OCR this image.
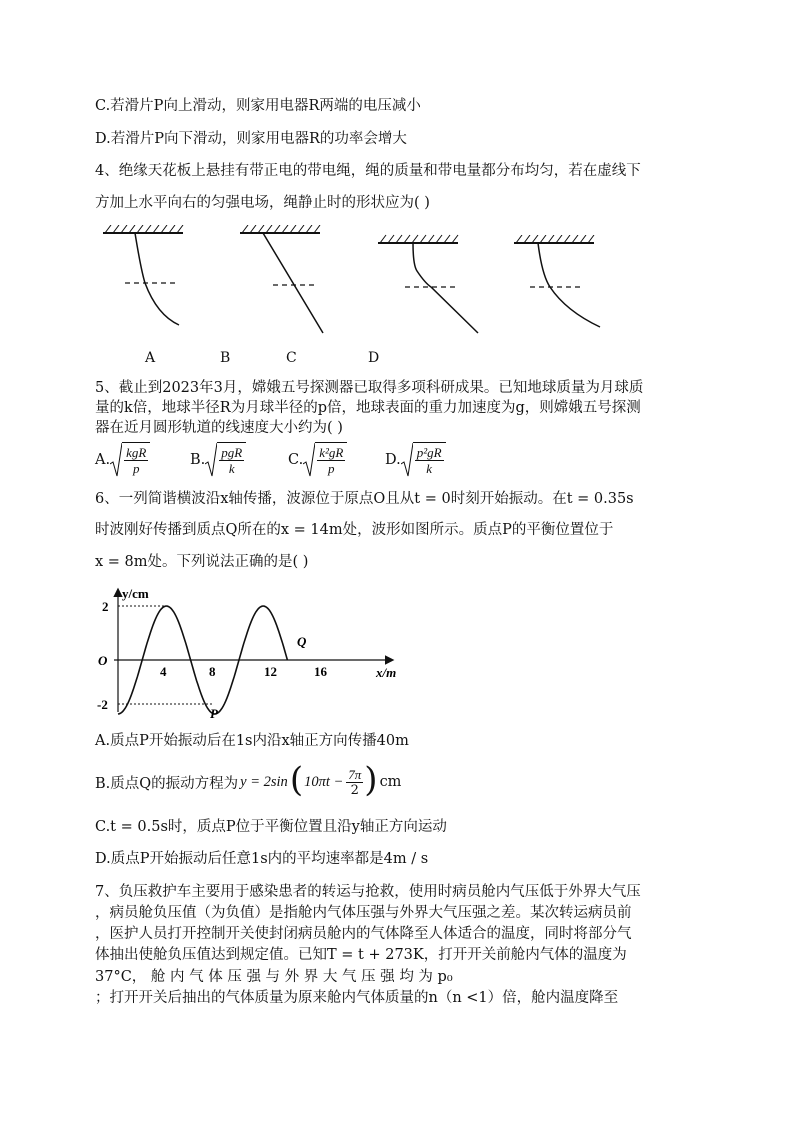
C.若滑片P向上滑动，则家用电器R两端的电压减小
D.若滑片P向下滑动，则家用电器R的功率会增大
4、绝缘天花板上悬挂有带正电的带电绳，绳的质量和带电量都分布均匀，若在虚线下
方加上水平向右的匀强电场，绳静止时的形状应为( )
A	B	C	D
5、截止到2023年3月，嫦娥五号探测器已取得多项科研成果。已知地球质量为月球质
量的k倍，地球半径R为月球半径的p倍，地球表面的重力加速度为g，则嫦娥五号探测
器在近月圆形轨道的线速度大小约为( )
A. $\frac{\text{kgR}}{p}$	B. $\frac{\text{pgR}}{k}$	C. $\frac{\text{k²gR}}{p}$	D. $\frac{\text{p²gR}}{k}$
6、一列简谐横波沿x轴传播，波源位于原点O且从t = 0时刻开始振动。在t = 0.35s
时波刚好传播到质点Q所在的x = 14m处，波形如图所示。质点P的平衡位置位于
x = 8m处。下列说法正确的是( )
y/cm
x/m
O
2
-2
4	8	12	16
P
Q
A.质点P开始振动后在1s内沿x轴正方向传播40m
B.质点Q的振动方程为 y = 2sin ( $10\pi t - \frac{7\pi}{2}$ ) cm
C.t = 0.5s时，质点P位于平衡位置且沿y轴正方向运动
D.质点P开始振动后任意1s内的平均速率都是4m / s
7、负压救护车主要用于感染患者的转运与抢救，使用时病员舱内气压低于外界大气压
，病员舱负压值（为负值）是指舱内气体压强与外界大气压强之差。某次转运病员前
，医护人员打开控制开关使封闭病员舱内的气体降至人体适合的温度，同时将部分气
体抽出使舱负压值达到规定值。已知T = t + 273K，打开开关前舱内气体的温度为
37°C， 舱 内 气 体 压 强 与 外 界 大 气 压 强 均 为 p₀
；打开开关后抽出的气体质量为原来舱内气体质量的n（n <1）倍，舱内温度降至
